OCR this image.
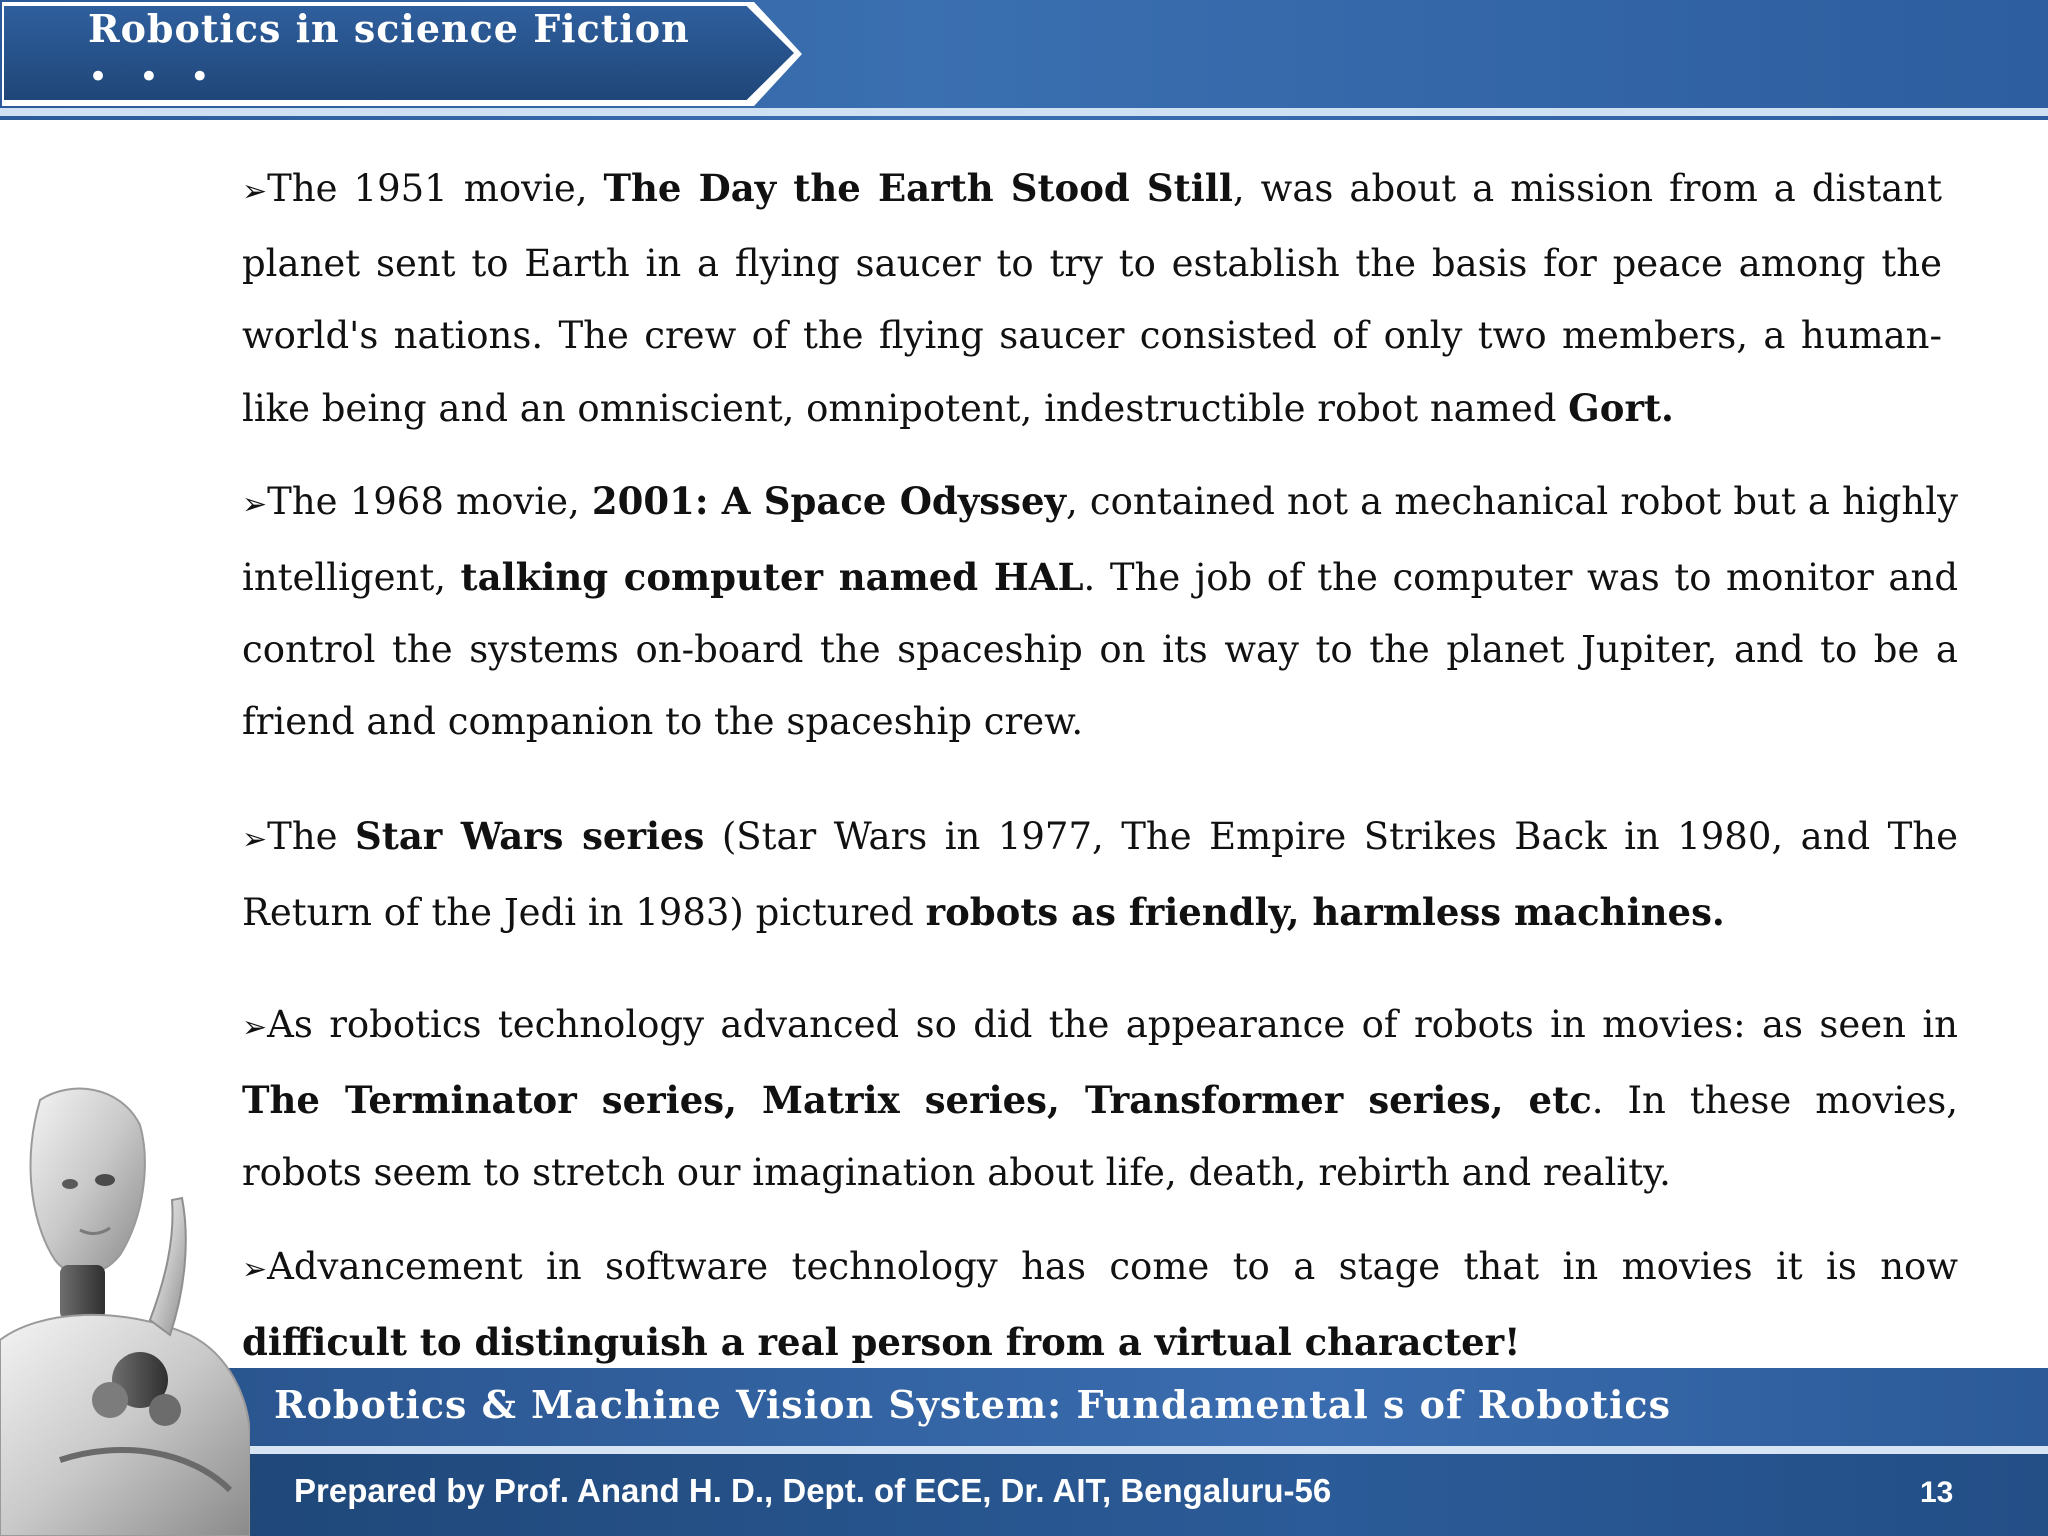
Robotics in science Fiction
• • •

➢The 1951 movie, The Day the Earth Stood Still, was about a mission from a distant planet sent to Earth in a flying saucer to try to establish the basis for peace among the world's nations. The crew of the flying saucer consisted of only two members, a human-like being and an omniscient, omnipotent, indestructible robot named Gort.

➢The 1968 movie, 2001: A Space Odyssey, contained not a mechanical robot but a highly intelligent, talking computer named HAL. The job of the computer was to monitor and control the systems on-board the spaceship on its way to the planet Jupiter, and to be a friend and companion to the spaceship crew.

➢The Star Wars series (Star Wars in 1977, The Empire Strikes Back in 1980, and The Return of the Jedi in 1983) pictured robots as friendly, harmless machines.

➢As robotics technology advanced so did the appearance of robots in movies: as seen in The Terminator series, Matrix series, Transformer series, etc. In these movies, robots seem to stretch our imagination about life, death, rebirth and reality.

➢Advancement in software technology has come to a stage that in movies it is now difficult to distinguish a real person from a virtual character!

Robotics & Machine Vision System: Fundamental s of Robotics
Prepared by Prof. Anand H. D., Dept. of ECE, Dr. AIT, Bengaluru-56	13
